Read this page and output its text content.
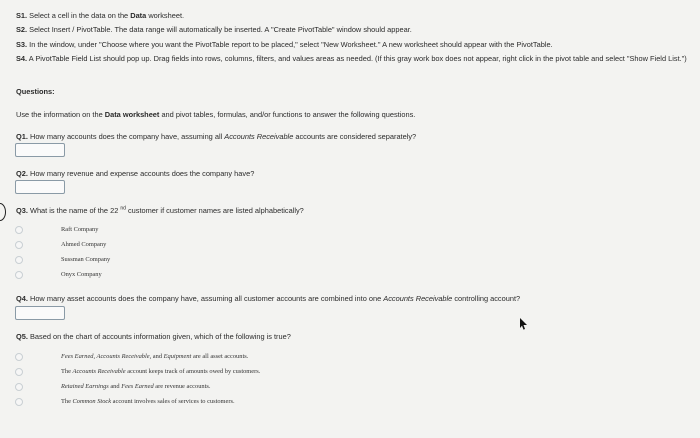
S1. Select a cell in the data on the Data worksheet.
S2. Select Insert / PivotTable. The data range will automatically be inserted. A "Create PivotTable" window should appear.
S3. In the window, under "Choose where you want the PivotTable report to be placed," select "New Worksheet." A new worksheet should appear with the PivotTable.
S4. A PivotTable Field List should pop up. Drag fields into rows, columns, filters, and values areas as needed. (If this gray work box does not appear, right click in the pivot table and select "Show Field List.")
Questions:
Use the information on the Data worksheet and pivot tables, formulas, and/or functions to answer the following questions.
Q1. How many accounts does the company have, assuming all Accounts Receivable accounts are considered separately?
Q2. How many revenue and expense accounts does the company have?
Q3. What is the name of the 22 $^{nd}$ customer if customer names are listed alphabetically?
Raft Company
Ahmed Company
Sussman Company
Onyx Company
Q4. How many asset accounts does the company have, assuming all customer accounts are combined into one Accounts Receivable controlling account?
Q5. Based on the chart of accounts information given, which of the following is true?
Fees Earned, Accounts Receivable, and Equipment are all asset accounts.
The Accounts Receivable account keeps track of amounts owed by customers.
Retained Earnings and Fees Earned are revenue accounts.
The Common Stock account involves sales of services to customers.
